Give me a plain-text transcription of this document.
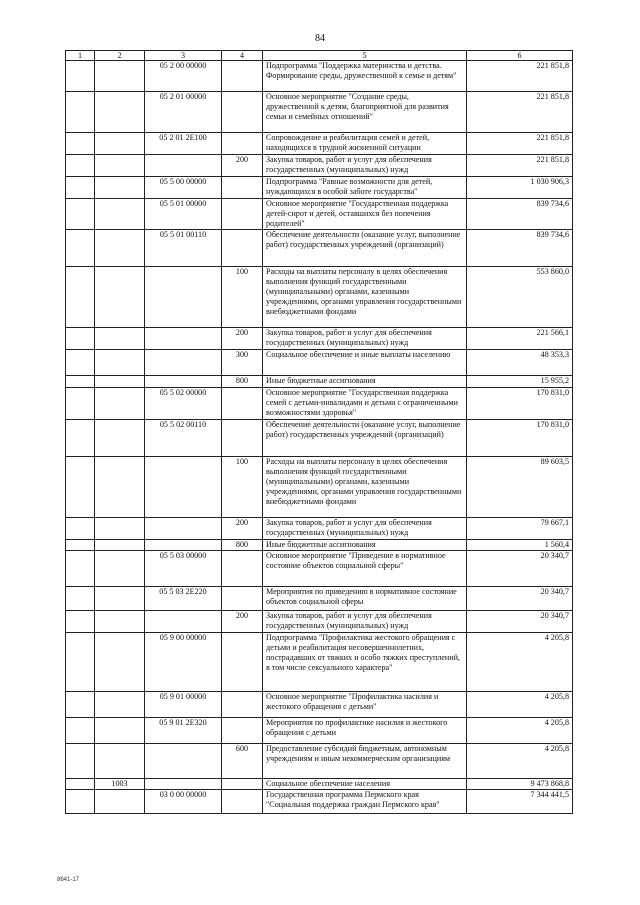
84
1	2	3	4	5	6
		05 2 00 00000		Подпрограмма "Поддержка материнства и детства. Формирование среды, дружественной к семье и детям"	221 851,8
		05 2 01 00000		Основное мероприятие "Создание среды, дружественной к детям, благоприятной для развития семьи и семейных отношений"	221 851,8
		05 2 01 2Е100		Сопровождение и реабилитация семей и детей, находящихся в трудной жизненной ситуации	221 851,8
			200	Закупка товаров, работ и услуг для обеспечения государственных (муниципальных) нужд	221 851,8
		05 5 00 00000		Подпрограмма "Равные возможности для детей, нуждающихся в особой заботе государства"	1 030 906,3
		05 5 01 00000		Основное мероприятие "Государственная поддержка детей-сирот и детей, оставшихся без попечения родителей"	839 734,6
		05 5 01 00110		Обеспечение деятельности (оказание услуг, выполнение работ) государственных учреждений (организаций)	839 734,6
			100	Расходы на выплаты персоналу в целях обеспечения выполнения функций государственными (муниципальными) органами, казенными учреждениями, органами управления государственными внебюджетными фондами	553 860,0
			200	Закупка товаров, работ и услуг для обеспечения государственных (муниципальных) нужд	221 566,1
			300	Социальное обеспечение и иные выплаты населению	48 353,3
			800	Иные бюджетные ассигнования	15 955,2
		05 5 02 00000		Основное мероприятие "Государственная поддержка семей с детьми-инвалидами и детьми с ограниченными возможностями здоровья"	170 831,0
		05 5 02 00110		Обеспечение деятельности (оказание услуг, выполнение работ) государственных учреждений (организаций)	170 831,0
			100	Расходы на выплаты персоналу в целях обеспечения выполнения функций государственными (муниципальными) органами, казенными учреждениями, органами управления государственными внебюджетными фондами	89 603,5
			200	Закупка товаров, работ и услуг для обеспечения государственных (муниципальных) нужд	79 667,1
			800	Иные бюджетные ассигнования	1 560,4
		05 5 03 00000		Основное мероприятие "Приведение в нормативное состояние объектов социальной сферы"	20 340,7
		05 5 03 2Е220		Мероприятия по приведению в нормативное состояние объектов социальной сферы	20 340,7
			200	Закупка товаров, работ и услуг для обеспечения государственных (муниципальных) нужд	20 340,7
		05 9 00 00000		Подпрограмма "Профилактика жестокого обращения с детьми и реабилитация несовершеннолетних, пострадавших от тяжких и особо тяжких преступлений, в том числе сексуального характера"	4 205,8
		05 9 01 00000		Основное мероприятие "Профилактика насилия и жестокого обращения с детьми"	4 205,8
		05 9 01 2Е320		Мероприятия по профилактике насилия и жестокого обращения с детьми	4 205,8
			600	Предоставление субсидий бюджетным, автономным учреждениям и иным некоммерческим организациям	4 205,8
	1003			Социальное обеспечение населения	9 473 868,8
		03 0 00 00000		Государственная программа Пермского края "Социальная поддержка граждан Пермского края"	7 344 441,5
8641-17
